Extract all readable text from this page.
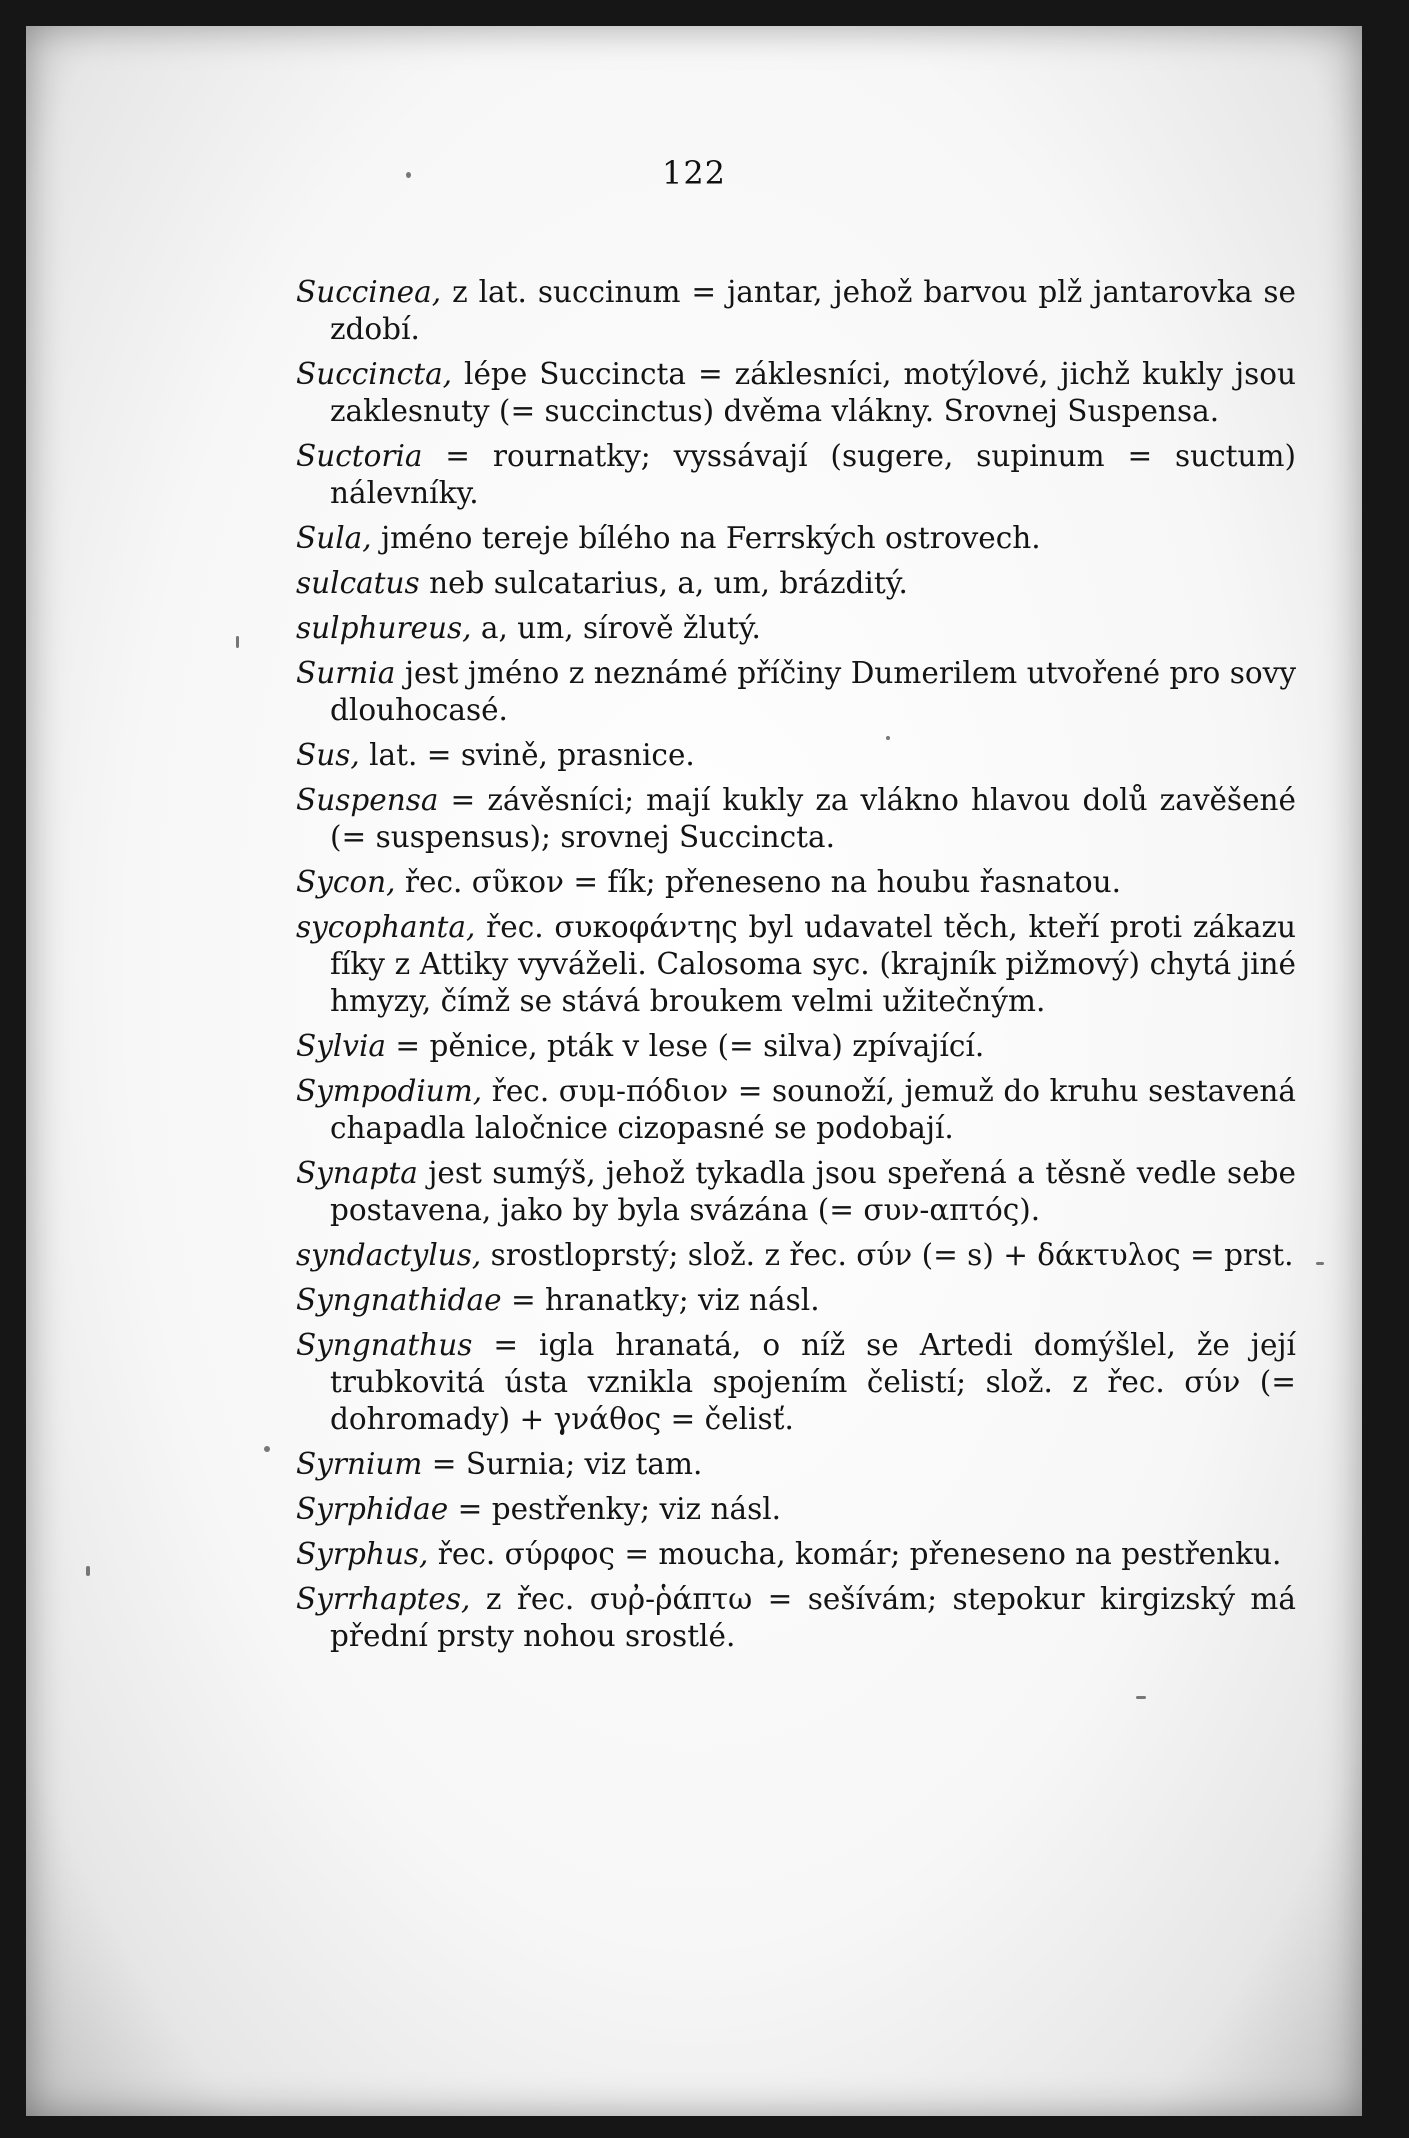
122

Succinea, z lat. succinum = jantar, jehož barvou plž jantarovka se zdobí.

Succincta, lépe Succincta = záklesníci, motýlové, jichž kukly jsou zaklesnuty (= succinctus) dvěma vlákny. Srovnej Suspensa.

Suctoria = rournatky; vyssávají (sugere, supinum = suctum) nálevníky.

Sula, jméno tereje bílého na Ferrských ostrovech.

sulcatus neb sulcatarius, a, um, brázditý.

sulphureus, a, um, sírově žlutý.

Surnia jest jméno z neznámé příčiny Dumerilem utvořené pro sovy dlouhocasé.

Sus, lat. = svině, prasnice.

Suspensa = závěsníci; mají kukly za vlákno hlavou dolů zavěšené (= suspensus); srovnej Succincta.

Sycon, řec. σῦκον = fík; přeneseno na houbu řasnatou.

sycophanta, řec. συκοφάντης byl udavatel těch, kteří proti zákazu fíky z Attiky vyváželi. Calosoma syc. (krajník pižmový) chytá jiné hmyzy, čímž se stává broukem velmi užitečným.

Sylvia = pěnice, pták v lese (= silva) zpívající.

Sympodium, řec. συμ-πόδιον = sounoží, jemuž do kruhu sestavená chapadla laločnice cizopasné se podobají.

Synapta jest sumýš, jehož tykadla jsou speřená a těsně vedle sebe postavena, jako by byla svázána (= συν-απτός).

syndactylus, srostloprstý; slož. z řec. σύν (= s) + δάκτυλος = prst.

Syngnathidae = hranatky; viz násl.

Syngnathus = igla hranatá, o níž se Artedi domýšlel, že její trubkovitá ústa vznikla spojením čelistí; slož. z řec. σύν (= dohromady) + γνάθος = čelisť.

Syrnium = Surnia; viz tam.

Syrphidae = pestřenky; viz násl.

Syrphus, řec. σύρφος = moucha, komár; přeneseno na pestřenku.

Syrrhaptes, z řec. συῤ-ῥάπτω = sešívám; stepokur kirgizský má přední prsty nohou srostlé.
